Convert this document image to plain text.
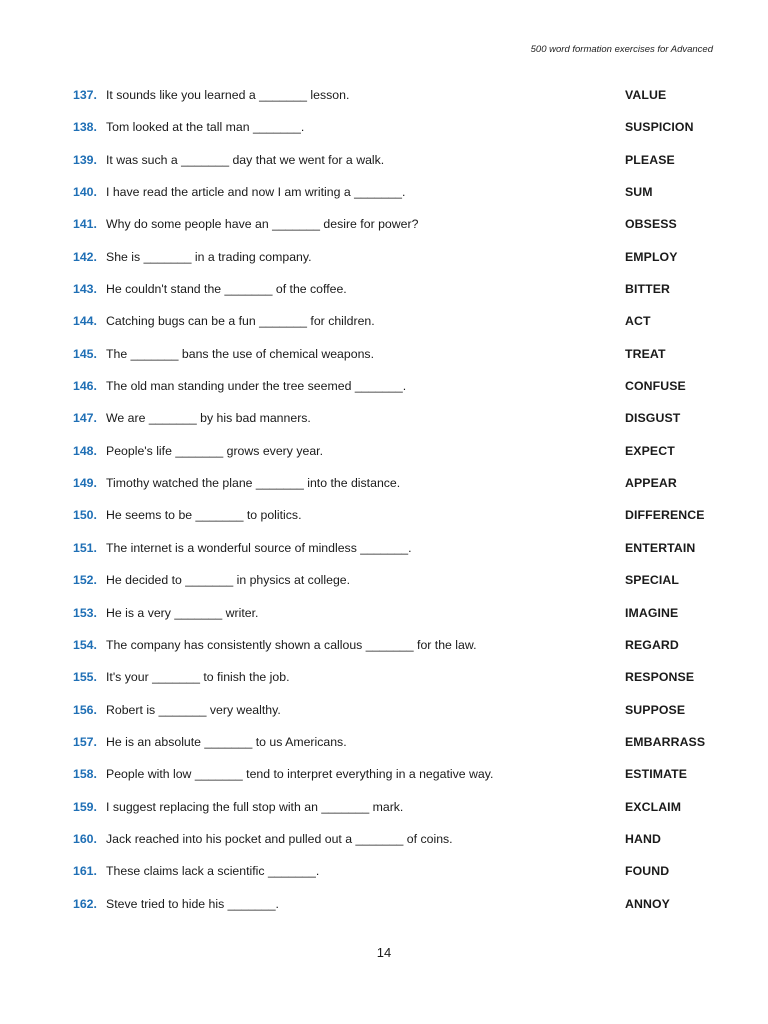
500 word formation exercises for Advanced
137. It sounds like you learned a _______ lesson.	VALUE
138. Tom looked at the tall man _______.	SUSPICION
139. It was such a _______ day that we went for a walk.	PLEASE
140. I have read the article and now I am writing a _______.	SUM
141. Why do some people have an _______ desire for power?	OBSESS
142. She is _______ in a trading company.	EMPLOY
143. He couldn't stand the _______ of the coffee.	BITTER
144. Catching bugs can be a fun _______ for children.	ACT
145. The _______ bans the use of chemical weapons.	TREAT
146. The old man standing under the tree seemed _______.	CONFUSE
147. We are _______ by his bad manners.	DISGUST
148. People's life _______ grows every year.	EXPECT
149. Timothy watched the plane _______ into the distance.	APPEAR
150. He seems to be _______ to politics.	DIFFERENCE
151. The internet is a wonderful source of mindless _______.	ENTERTAIN
152. He decided to _______ in physics at college.	SPECIAL
153. He is a very _______ writer.	IMAGINE
154. The company has consistently shown a callous _______ for the law.	REGARD
155. It's your _______ to finish the job.	RESPONSE
156. Robert is _______ very wealthy.	SUPPOSE
157. He is an absolute _______ to us Americans.	EMBARRASS
158. People with low _______ tend to interpret everything in a negative way.	ESTIMATE
159. I suggest replacing the full stop with an _______ mark.	EXCLAIM
160. Jack reached into his pocket and pulled out a _______ of coins.	HAND
161. These claims lack a scientific _______.	FOUND
162. Steve tried to hide his _______.	ANNOY
14
